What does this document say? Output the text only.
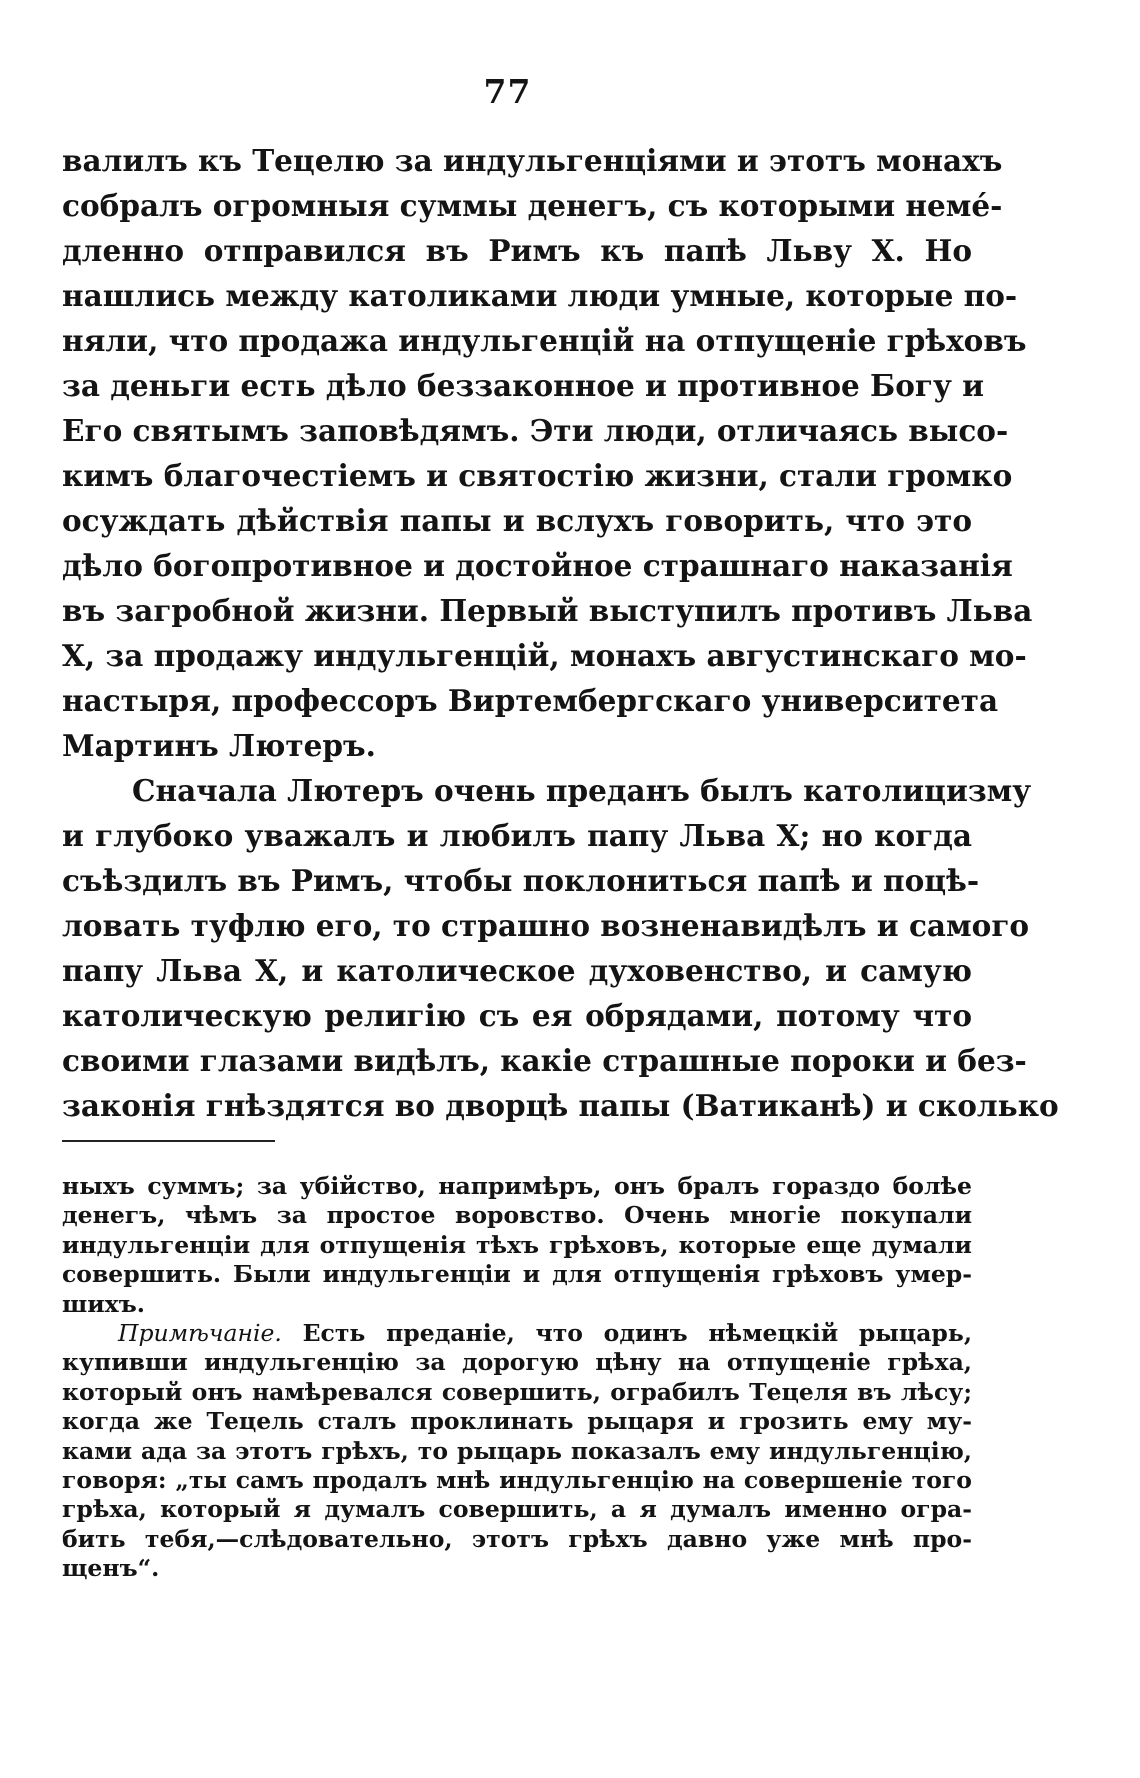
77
валилъ къ Тецелю за индульгенціями и этотъ монахъ
собралъ огромныя суммы денегъ, съ которыми немé-
дленно отправился въ Римъ къ папѣ Льву X. Но
нашлись между католиками люди умные, которые по-
няли, что продажа индульгенцій на отпущеніе грѣховъ
за деньги есть дѣло беззаконное и противное Богу и
Его святымъ заповѣдямъ. Эти люди, отличаясь высо-
кимъ благочестіемъ и святостію жизни, стали громко
осуждать дѣйствія папы и вслухъ говорить, что это
дѣло богопротивное и достойное страшнаго наказанія
въ загробной жизни. Первый выступилъ противъ Льва
X, за продажу индульгенцій, монахъ августинскаго мо-
настыря, профессоръ Виртембергскаго университета
Мартинъ Лютеръ.
Сначала Лютеръ очень преданъ былъ католицизму
и глубоко уважалъ и любилъ папу Льва X; но когда
съѣздилъ въ Римъ, чтобы поклониться папѣ и поцѣ-
ловать туфлю его, то страшно возненавидѣлъ и самого
папу Льва X, и католическое духовенство, и самую
католическую религію съ ея обрядами, потому что
своими глазами видѣлъ, какіе страшные пороки и без-
законія гнѣздятся во дворцѣ папы (Ватиканѣ) и сколько
ныхъ суммъ; за убійство, напримѣръ, онъ бралъ гораздо болѣе
денегъ, чѣмъ за простое воровство. Очень многіе покупали
индульгенціи для отпущенія тѣхъ грѣховъ, которые еще думали
совершить. Были индульгенціи и для отпущенія грѣховъ умер-
шихъ.
Примѣчаніе. Есть преданіе, что одинъ нѣмецкій рыцарь,
купивши индульгенцію за дорогую цѣну на отпущеніе грѣха,
который онъ намѣревался совершить, ограбилъ Тецеля въ лѣсу;
когда же Тецель сталъ проклинать рыцаря и грозить ему му-
ками ада за этотъ грѣхъ, то рыцарь показалъ ему индульгенцію,
говоря: „ты самъ продалъ мнѣ индульгенцію на совершеніе того
грѣха, который я думалъ совершить, а я думалъ именно огра-
бить тебя,—слѣдовательно, этотъ грѣхъ давно уже мнѣ про-
щенъ“.
